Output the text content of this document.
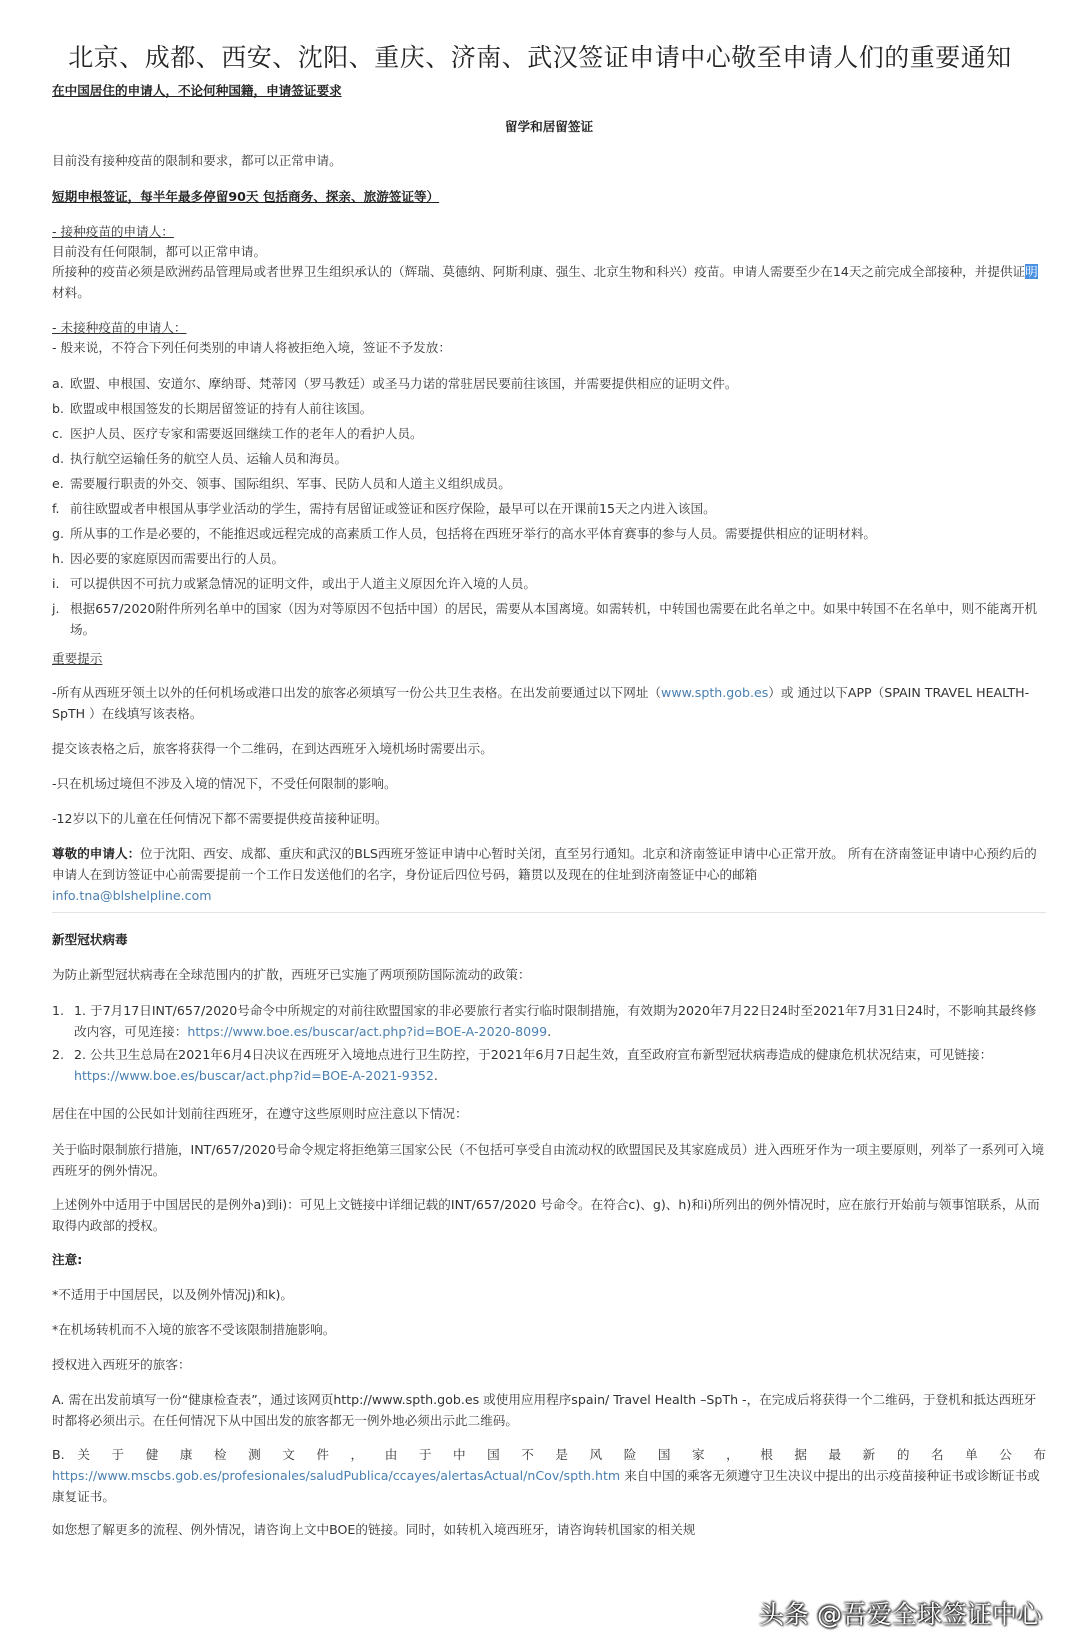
北京、成都、西安、沈阳、重庆、济南、武汉签证申请中心敬至申请人们的重要通知
在中国居住的申请人，不论何种国籍，申请签证要求
留学和居留签证
目前没有接种疫苗的限制和要求，都可以正常申请。
短期申根签证，每半年最多停留90天 包括商务、探亲、旅游签证等）
- 接种疫苗的申请人：
目前没有任何限制，都可以正常申请。
所接种的疫苗必须是欧洲药品管理局或者世界卫生组织承认的（辉瑞、莫德纳、阿斯利康、强生、北京生物和科兴）疫苗。申请人需要至少在14天之前完成全部接种，并提供证明材料。
- 未接种疫苗的申请人：
- 般来说，不符合下列任何类别的申请人将被拒绝入境，签证不予发放：
a. 欧盟、申根国、安道尔、摩纳哥、梵蒂冈（罗马教廷）或圣马力诺的常驻居民要前往该国，并需要提供相应的证明文件。
b. 欧盟或申根国签发的长期居留签证的持有人前往该国。
c. 医护人员、医疗专家和需要返回继续工作的老年人的看护人员。
d. 执行航空运输任务的航空人员、运输人员和海员。
e. 需要履行职责的外交、领事、国际组织、军事、民防人员和人道主义组织成员。
f. 前往欧盟或者申根国从事学业活动的学生，需持有居留证或签证和医疗保险，最早可以在开课前15天之内进入该国。
g. 所从事的工作是必要的，不能推迟或远程完成的高素质工作人员，包括将在西班牙举行的高水平体育赛事的参与人员。需要提供相应的证明材料。
h. 因必要的家庭原因而需要出行的人员。
i. 可以提供因不可抗力或紧急情况的证明文件，或出于人道主义原因允许入境的人员。
j. 根据657/2020附件所列名单中的国家（因为对等原因不包括中国）的居民，需要从本国离境。如需转机，中转国也需要在此名单之中。如果中转国不在名单中，则不能离开机场。
重要提示
-所有从西班牙领土以外的任何机场或港口出发的旅客必须填写一份公共卫生表格。在出发前要通过以下网址（www.spth.gob.es）或 通过以下APP（SPAIN TRAVEL HEALTH-SpTH ）在线填写该表格。
提交该表格之后，旅客将获得一个二维码，在到达西班牙入境机场时需要出示。
-只在机场过境但不涉及入境的情况下，不受任何限制的影响。
-12岁以下的儿童在任何情况下都不需要提供疫苗接种证明。
尊敬的申请人：位于沈阳、西安、成都、重庆和武汉的BLS西班牙签证申请中心暂时关闭，直至另行通知。北京和济南签证申请中心正常开放。 所有在济南签证申请中心预约后的申请人在到访签证中心前需要提前一个工作日发送他们的名字，身份证后四位号码，籍贯以及现在的住址到济南签证中心的邮箱
info.tna@blshelpline.com
新型冠状病毒
为防止新型冠状病毒在全球范围内的扩散，西班牙已实施了两项预防国际流动的政策：
1. 1. 于7月17日INT/657/2020号命令中所规定的对前往欧盟国家的非必要旅行者实行临时限制措施，有效期为2020年7月22日24时至2021年7月31日24时，不影响其最终修改内容，可见连接：https://www.boe.es/buscar/act.php?id=BOE-A-2020-8099.
2. 2. 公共卫生总局在2021年6月4日决议在西班牙入境地点进行卫生防控，于2021年6月7日起生效，直至政府宣布新型冠状病毒造成的健康危机状况结束，可见链接：https://www.boe.es/buscar/act.php?id=BOE-A-2021-9352.
居住在中国的公民如计划前往西班牙，在遵守这些原则时应注意以下情况：
关于临时限制旅行措施，INT/657/2020号命令规定将拒绝第三国家公民（不包括可享受自由流动权的欧盟国民及其家庭成员）进入西班牙作为一项主要原则，列举了一系列可入境西班牙的例外情况。
上述例外中适用于中国居民的是例外a)到i)：可见上文链接中详细记载的INT/657/2020 号命令。在符合c)、g)、h)和i)所列出的例外情况时，应在旅行开始前与领事馆联系，从而取得内政部的授权。
注意:
*不适用于中国居民，以及例外情况j)和k)。
*在机场转机而不入境的旅客不受该限制措施影响。
授权进入西班牙的旅客：
A. 需在出发前填写一份“健康检查表”，通过该网页http://www.spth.gob.es 或使用应用程序spain/ Travel Health –SpTh -，在完成后将获得一个二维码，于登机和抵达西班牙时都将必须出示。在任何情况下从中国出发的旅客都无一例外地必须出示此二维码。
B. 关 于 健 康 检 测 文 件 ， 由 于 中 国 不 是 风 险 国 家 ， 根 据 最 新 的 名 单 公 布
https://www.mscbs.gob.es/profesionales/saludPublica/ccayes/alertasActual/nCov/spth.htm 来自中国的乘客无须遵守卫生决议中提出的出示疫苗接种证书或诊断证书或康复证书。
如您想了解更多的流程、例外情况，请咨询上文中BOE的链接。同时，如转机入境西班牙，请咨询转机国家的相关规
头条 @吾爱全球签证中心
